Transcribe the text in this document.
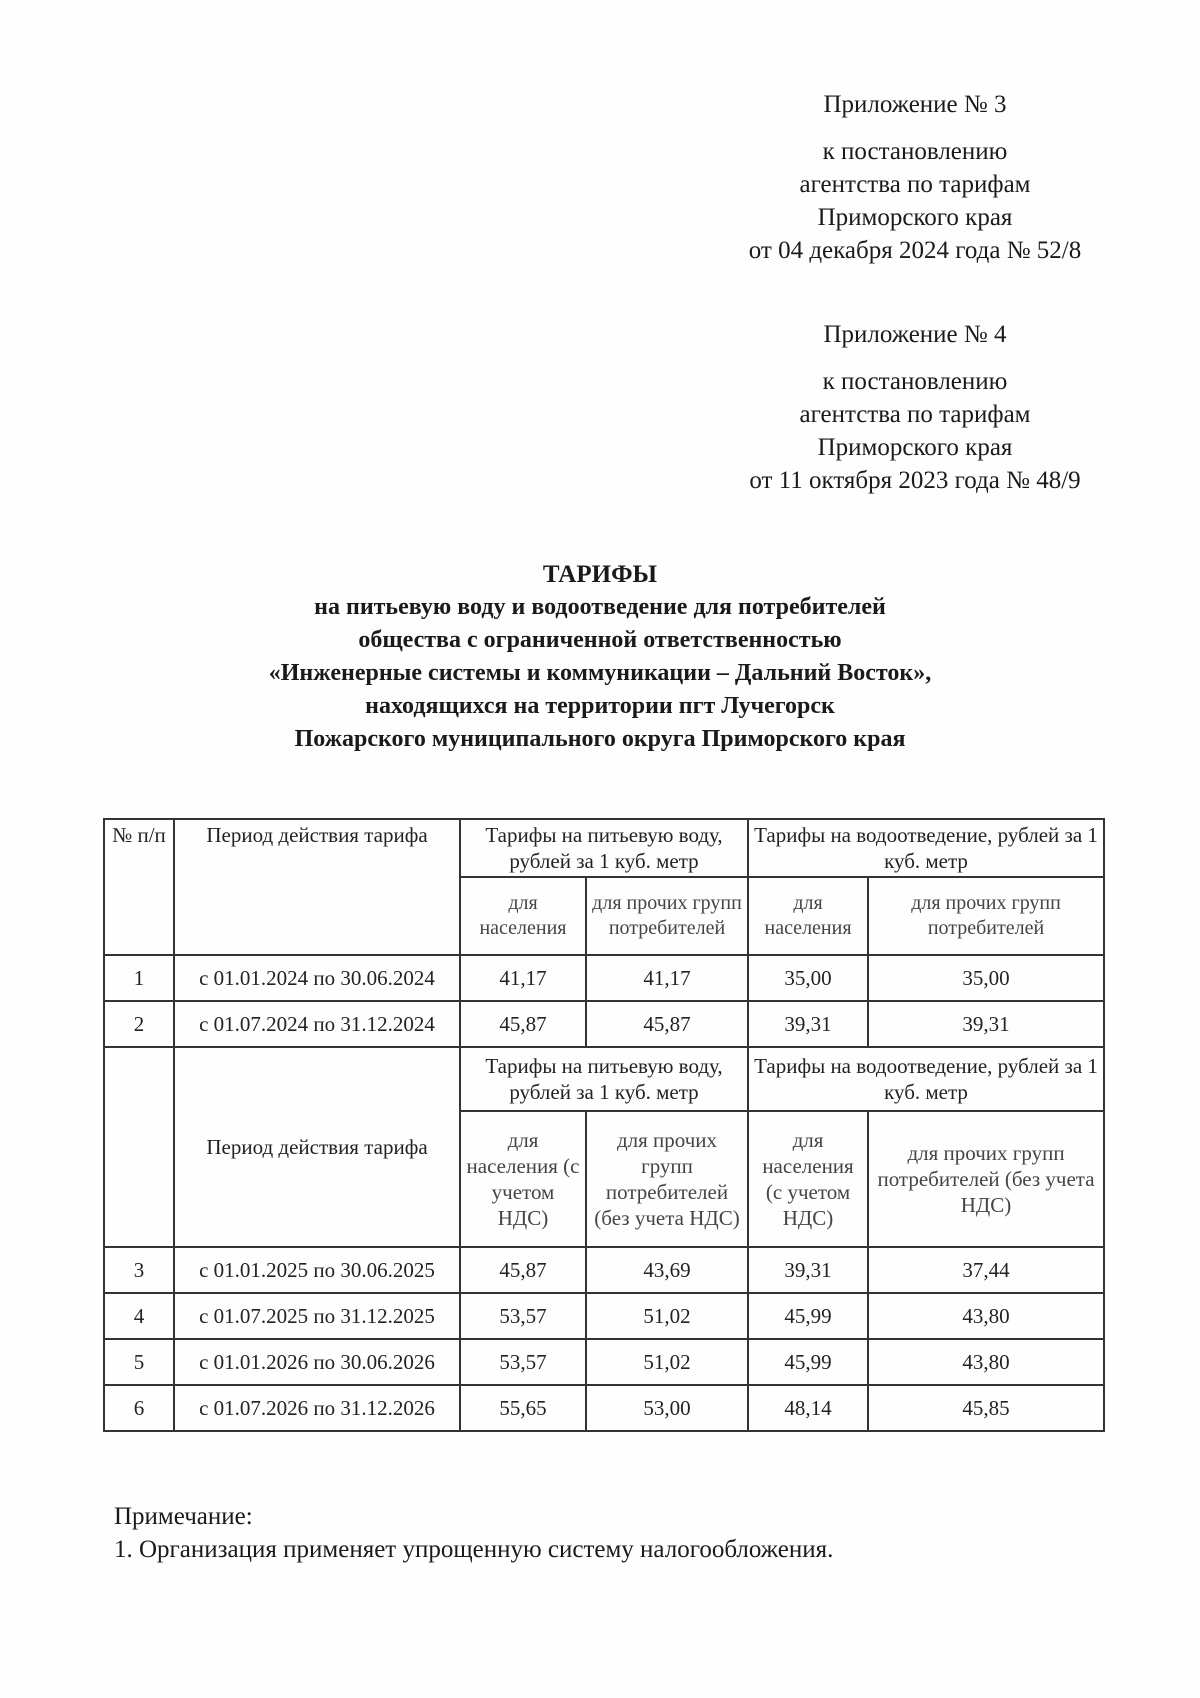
Приложение № 3
к постановлению
агентства по тарифам
Приморского края
от 04 декабря 2024 года № 52/8
Приложение № 4
к постановлению
агентства по тарифам
Приморского края
от 11 октября 2023 года № 48/9
ТАРИФЫ
на питьевую воду и водоотведение для потребителей
общества с ограниченной ответственностью
«Инженерные системы и коммуникации – Дальний Восток»,
находящихся на территории пгт Лучегорск
Пожарского муниципального округа Приморского края
№ п/п	Период действия тарифа	Тарифы на питьевую воду, рублей за 1 куб. метр		Тарифы на водоотведение, рублей за 1 куб. метр	
		для населения	для прочих групп потребителей	для населения	для прочих групп потребителей
1	с 01.01.2024 по 30.06.2024	41,17	41,17	35,00	35,00
2	с 01.07.2024 по 31.12.2024	45,87	45,87	39,31	39,31
	Период действия тарифа	Тарифы на питьевую воду, рублей за 1 куб. метр		Тарифы на водоотведение, рублей за 1 куб. метр	
		для населения (с учетом НДС)	для прочих групп потребителей (без учета НДС)	для населения (с учетом НДС)	для прочих групп потребителей (без учета НДС)
3	с 01.01.2025 по 30.06.2025	45,87	43,69	39,31	37,44
4	с 01.07.2025 по 31.12.2025	53,57	51,02	45,99	43,80
5	с 01.01.2026 по 30.06.2026	53,57	51,02	45,99	43,80
6	с 01.07.2026 по 31.12.2026	55,65	53,00	48,14	45,85
Примечание:
1. Организация применяет упрощенную систему налогообложения.
